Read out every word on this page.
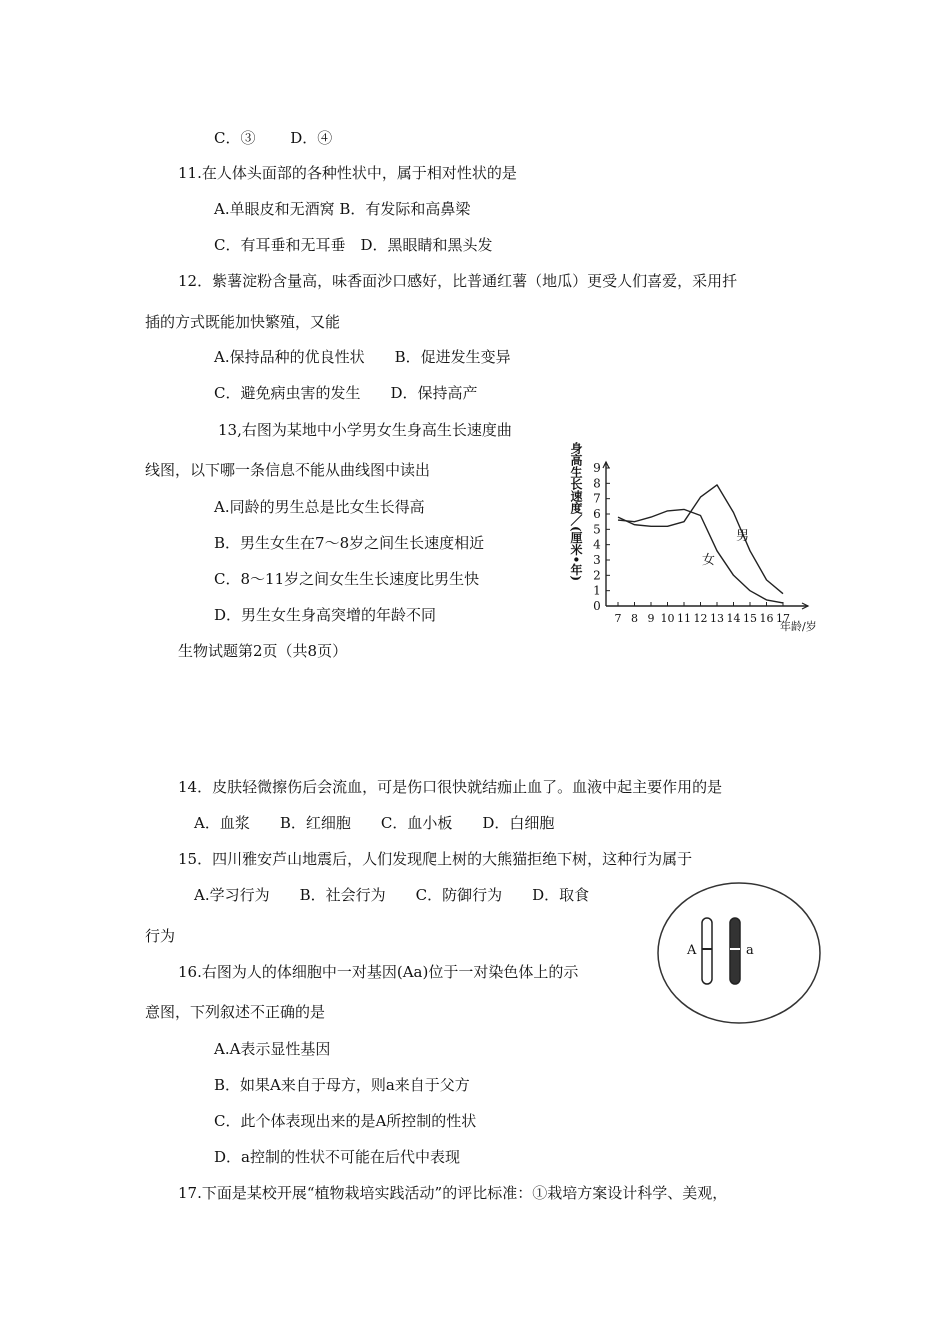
C．③　　 D．④
11.在人体头面部的各种性状中，属于相对性状的是
A.单眼皮和无酒窝 B．有发际和高鼻梁
C．有耳垂和无耳垂　D．黑眼睛和黑头发
12．紫薯淀粉含量高，味香面沙口感好，比普通红薯（地瓜）更受人们喜爱，采用扦
插的方式既能加快繁殖，又能
A.保持品种的优良性状　　B．促进发生变异
C．避免病虫害的发生　　D．保持高产
13,右图为某地中小学男女生身高生长速度曲
线图，以下哪一条信息不能从曲线图中读出
A.同龄的男生总是比女生长得高
B．男生女生在7～8岁之间生长速度相近
C．8～11岁之间女生生长速度比男生快
D．男生女生身高突增的年龄不同
身高生长速度／(厘米•年)
0
1
2
3
4
5
6
7
8
9
7 8 9 10 11 12 13 14 15 16 17
男
女
年龄/岁
生物试题第2页（共8页）
14．皮肤轻微擦伤后会流血，可是伤口很快就结痂止血了。血液中起主要作用的是
A．血浆　　B．红细胞　　C．血小板　　D．白细胞
15．四川雅安芦山地震后，人们发现爬上树的大熊猫拒绝下树，这种行为属于
A.学习行为　　B．社会行为　　C．防御行为　　D．取食
行为
16.右图为人的体细胞中一对基因(Aa)位于一对染色体上的示
意图，下列叙述不正确的是
A.A表示显性基因
B．如果A来自于母方，则a来自于父方
C．此个体表现出来的是A所控制的性状
D．a控制的性状不可能在后代中表现
A	a
17.下面是某校开展“植物栽培实践活动”的评比标准：①栽培方案设计科学、美观，
